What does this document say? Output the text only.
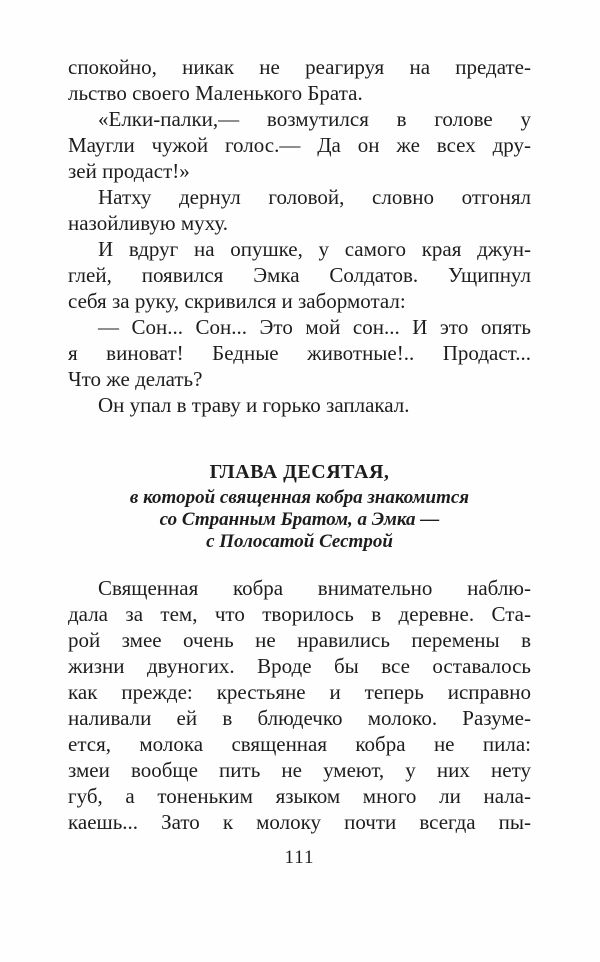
спокойно, никак не реагируя на предате-
льство своего Маленького Брата.
«Елки-палки,— возмутился в голове у
Маугли чужой голос.— Да он же всех дру-
зей продаст!»
Натху дернул головой, словно отгонял
назойливую муху.
И вдруг на опушке, у самого края джун-
глей, появился Эмка Солдатов. Ущипнул
себя за руку, скривился и забормотал:
— Сон... Сон... Это мой сон... И это опять
я виноват! Бедные животные!.. Продаст...
Что же делать?
Он упал в траву и горько заплакал.
ГЛАВА ДЕСЯТАЯ,
в которой священная кобра знакомится
со Странным Братом, а Эмка —
с Полосатой Сестрой
Священная кобра внимательно наблю-
дала за тем, что творилось в деревне. Ста-
рой змее очень не нравились перемены в
жизни двуногих. Вроде бы все оставалось
как прежде: крестьяне и теперь исправно
наливали ей в блюдечко молоко. Разуме-
ется, молока священная кобра не пила:
змеи вообще пить не умеют, у них нету
губ, а тоненьким языком много ли нала-
каешь... Зато к молоку почти всегда пы-
111
